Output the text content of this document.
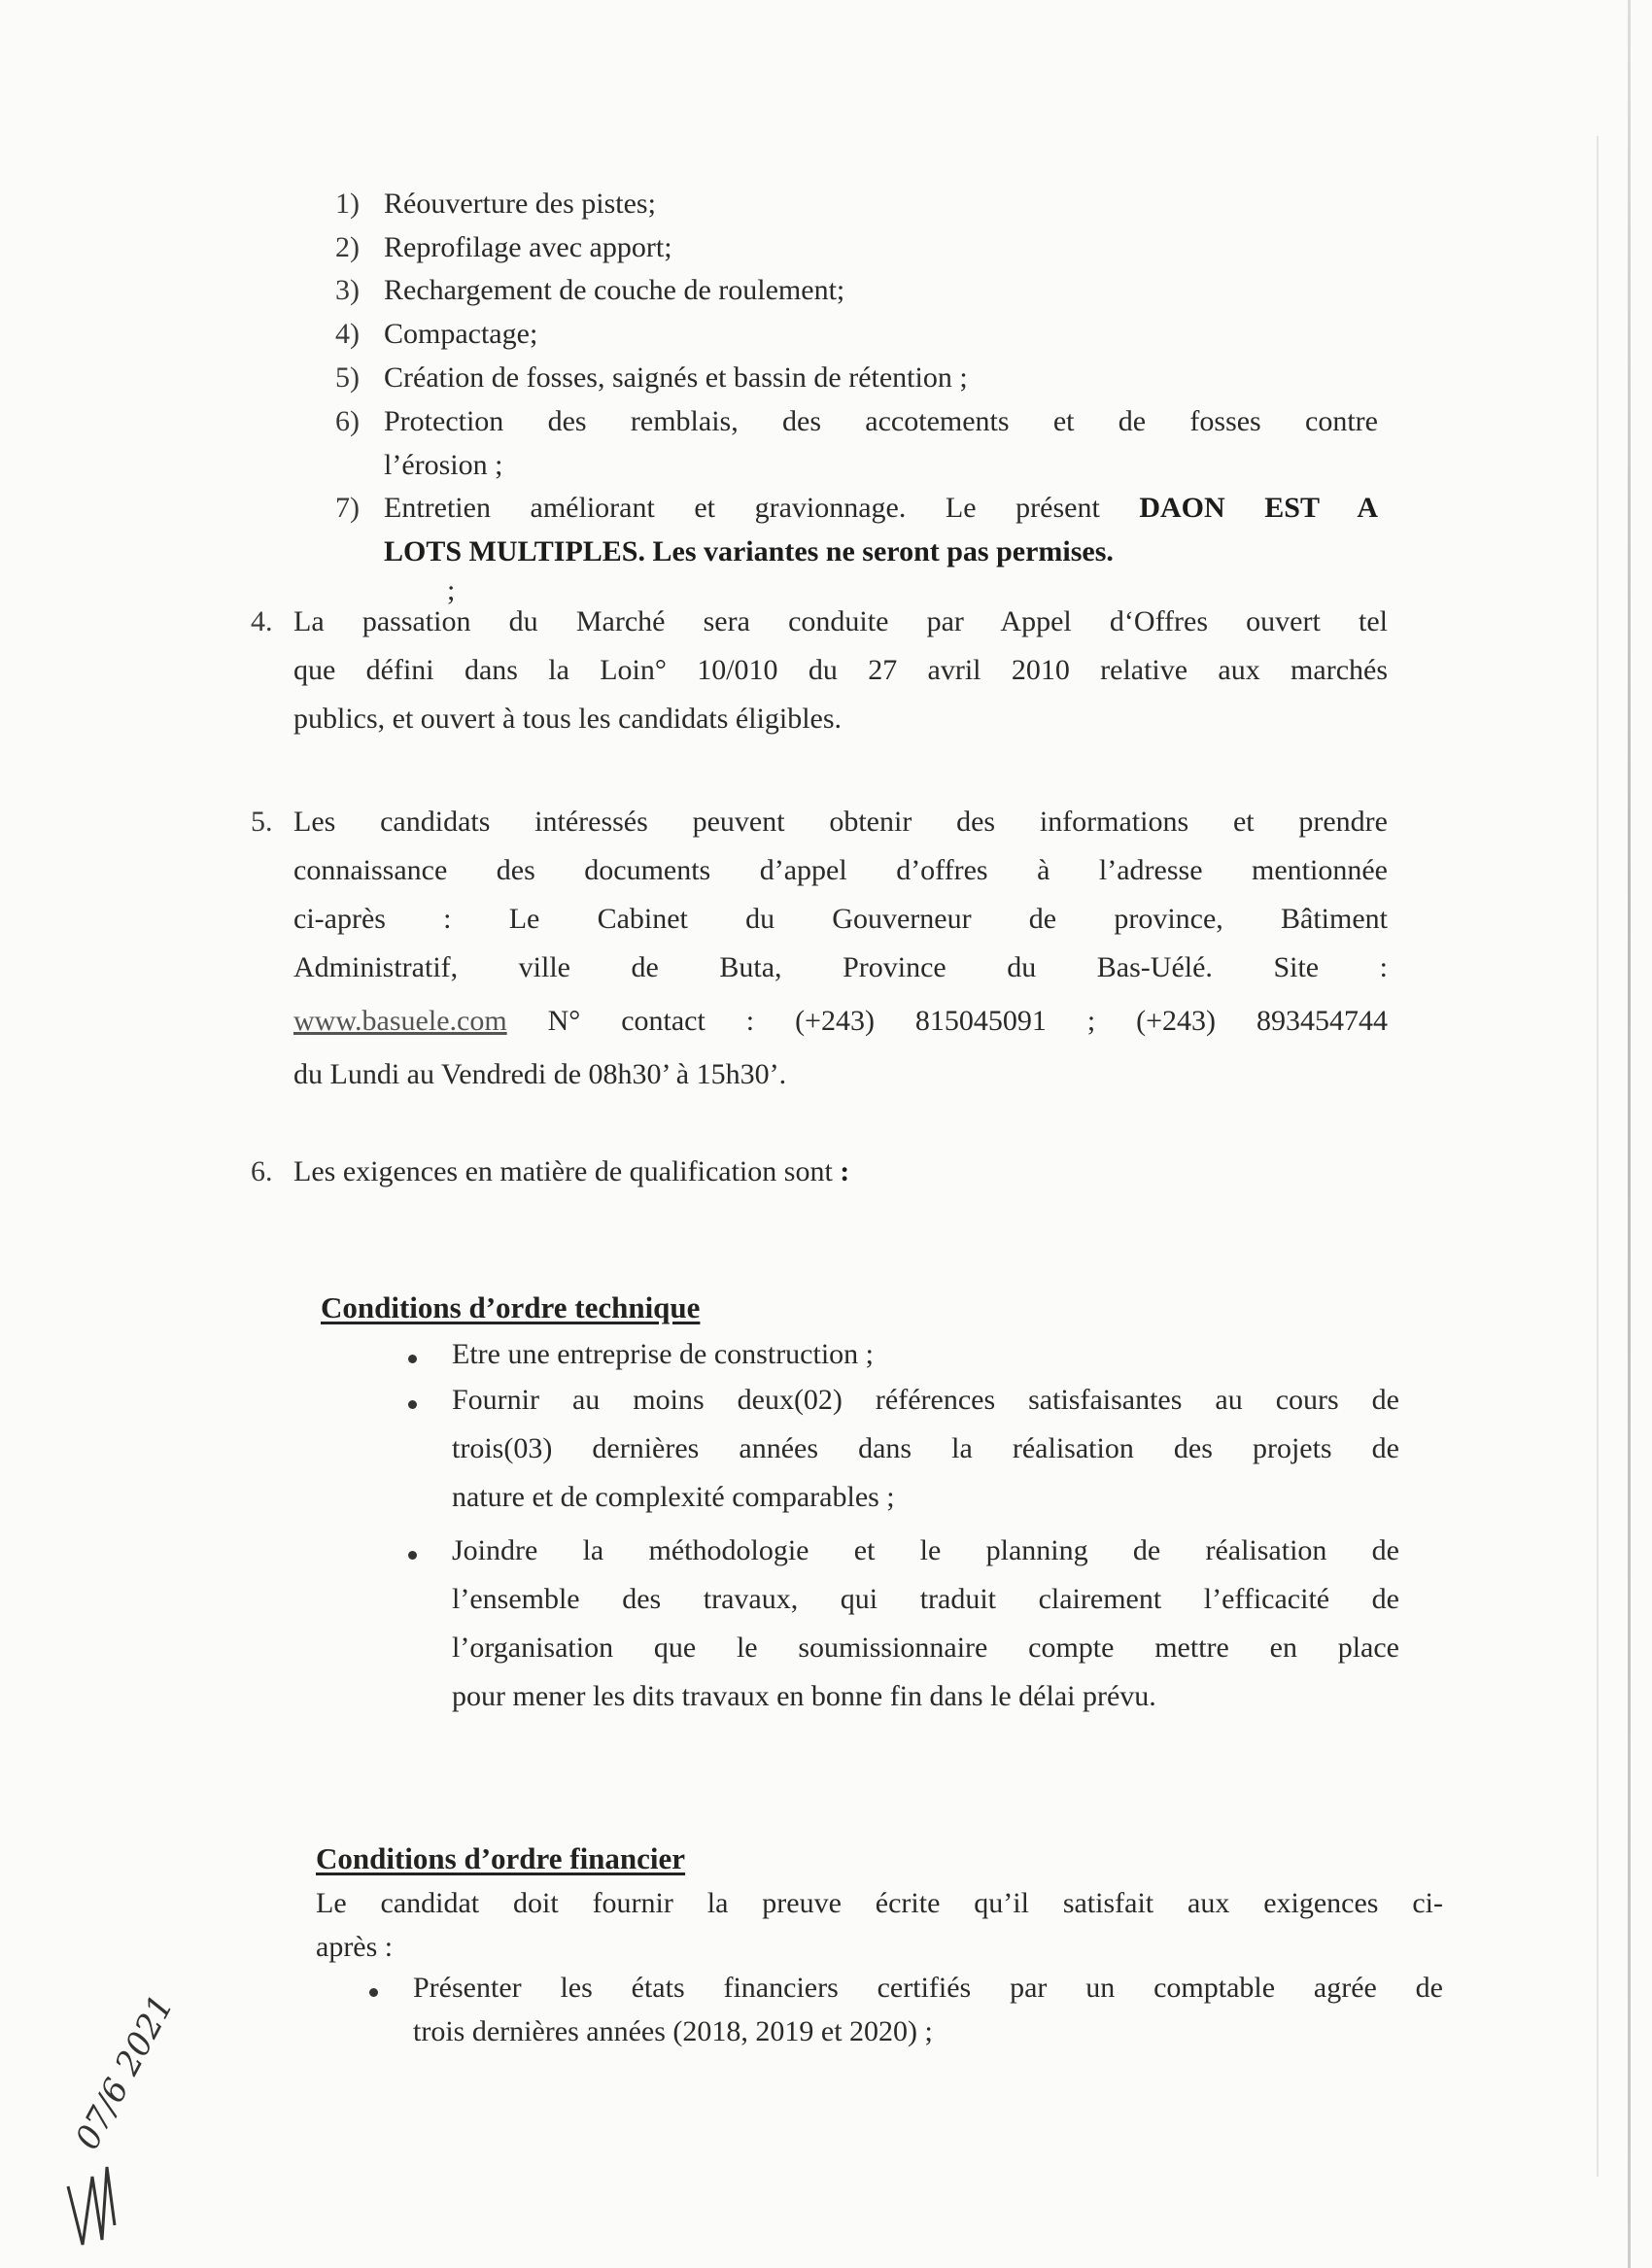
1) Réouverture des pistes;
2) Reprofilage avec apport;
3) Rechargement de couche de roulement;
4) Compactage;
5) Création de fosses, saignés et bassin de rétention ;
6) Protection des remblais, des accotements et de fosses contre
l’érosion ;
7) Entretien améliorant et gravionnage. Le présent DAON EST A
LOTS MULTIPLES. Les variantes ne seront pas permises.
;
4. La passation du Marché sera conduite par Appel d‘Offres ouvert tel
que défini dans la Loin° 10/010 du 27 avril 2010 relative aux marchés
publics, et ouvert à tous les candidats éligibles.
5. Les candidats intéressés peuvent obtenir des informations et prendre
connaissance des documents d’appel d’offres à l’adresse mentionnée
ci-après : Le Cabinet du Gouverneur de province, Bâtiment
Administratif, ville de Buta, Province du Bas-Uélé. Site :
www.basuele.com N° contact : (+243) 815045091 ; (+243) 893454744
du Lundi au Vendredi de 08h30’ à 15h30’.
6. Les exigences en matière de qualification sont :
Conditions d’ordre technique
Etre une entreprise de construction ;
Fournir au moins deux(02) références satisfaisantes au cours de
trois(03) dernières années dans la réalisation des projets de
nature et de complexité comparables ;
Joindre la méthodologie et le planning de réalisation de
l’ensemble des travaux, qui traduit clairement l’efficacité de
l’organisation que le soumissionnaire compte mettre en place
pour mener les dits travaux en bonne fin dans le délai prévu.
Conditions d’ordre financier
Le candidat doit fournir la preuve écrite qu’il satisfait aux exigences ci-
après :
Présenter les états financiers certifiés par un comptable agrée de
trois dernières années (2018, 2019 et 2020) ;
07/6 2021
